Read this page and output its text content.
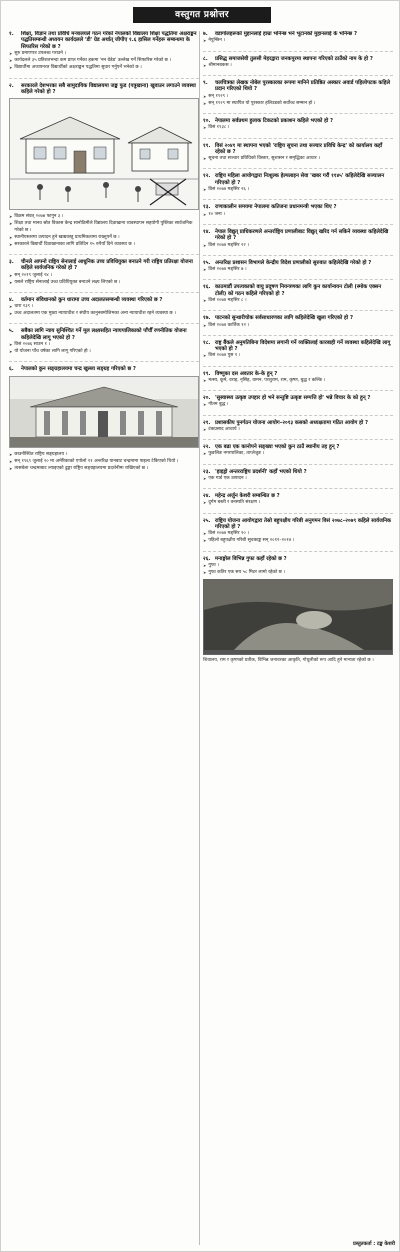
वस्तुगत प्रश्नोत्तर
१.	शिक्षा, विज्ञान तथा प्रविधि मन्त्रालयले गठन गरेको नेपालको विद्यालय शिक्षा पद्धतिमा अक्षराङ्कन पद्धतिसम्बन्धी अध्ययन कार्यदलले 'डी' ग्रेड अर्थात् जीपीए १.६ हासिल गर्नेहरू सम्बन्धमा के सिफारिस गरेको छ ?

➤ सुरु प्रमाणपत्र उपलब्ध गराउने ।

➤ कार्यदलले ३५ प्रतिशतभन्दा कम प्राप्त गर्नेका हकमा 'नन ग्रेडेड' उल्लेख गर्ने सिफारिस गरेको छ ।

➤ विद्यार्थीमा अध्ययनरत विद्यार्थीको अक्षराङ्कन पद्धतिमा सुधार गर्नुपर्ने भनेको छ ।

२.	सरकारले देशभरका सबै सामुदायिक विद्यालयमा जङ्क फुड (पत्रुखाना) खुवाउन लगाउने व्यवस्था कहिले गरेको हो ?

➤ विक्रम संवत् २०७७ फागुन ३ ।

➤ शिक्षा तथा मानव स्रोत विकास केन्द्र सानोठिमीले विद्यालय दिवाखाना व्यवस्थापन सहयोगी पुस्तिका सार्वजनिक गरेको छ ।

➤ स्थानीयस्तरमा उत्पादन हुने खाद्यवस्तु प्राथमिकतामा राख्नुपर्ने छ ।

➤ सरकारले विद्यार्थी दिवाखानाका लागि प्रतिदिन १५ रुपैयाँ दिने व्यवस्था छ ।

३.	चीनले आफ्नो राष्ट्रिय सेनालाई आधुनिक उच्च प्रविधियुक्त बनाउने गरी राष्ट्रिय प्रतिरक्षा योजना कहिले सार्वजनिक गरेको हो ?

➤ सन् २०१९ जुलाई २४ ।

➤ यसले राष्ट्रिय सेनालाई उच्च प्रविधियुक्त बनाउने लक्ष्य लिएको छ ।

४.	वर्तमान संविधानको कुन धारामा उच्च अदालतसम्बन्धी व्यवस्था गरिएको छ ?

➤ धारा १३९ ।

➤ उच्च अदालतमा एक मुख्य न्यायाधीश र संघीय कानुनबमोजिमका अन्य न्यायाधीश रहने व्यवस्था छ ।

५.	सबैका लागि न्याय सुनिश्चित गर्ने मूल लक्ष्यसहित न्यायपालिकाको पाँचौँ रणनीतिक योजना कहिलेदेखि लागू भएको हो ?

➤ विसं २०७६ साउन १ ।

➤ यो योजना पाँच वर्षका लागि लागू गरिएको हो ।

६.	नेपालको कुन सङ्ग्रहालयमा चन्द्र खुल्ला सङ्ग्रह गरिएको छ ?

➤ छाउनीस्थित राष्ट्रिय सङ्ग्रहालय ।

➤ सन् १९६९ जुलाई २० मा अमेरिकाको एपोलो ११ अन्तरिक्ष यानबाट चन्द्रमामा पाइला टेकिएको थियो ।

➤ त्यसबेला चन्द्रमाबाट ल्याइएको ढुङ्गा राष्ट्रिय सङ्ग्रहालयमा प्रदर्शनीमा राखिएको छ ।

७.	वडागोलहरूको मुहानलाई हाम्रा भनिन्छ भने भूटानको मुहानलाई के भनिन्छ ?

➤ नेपुन्छिन ।

८.	प्रसिद्ध समाजसेवी तुलसी मेहरद्वारा जनकपुरमा स्थापना गरिएको ठाउँको नाम के हो ?

➤ श्रीमानबकस ।

९.	चलचित्रका लेखक नोबेल पुरस्कारका रूपमा मानिने प्रतिष्ठित अस्कार अवार्ड पहिलोपटक कहिले प्रदान गरिएको थियो ?

➤ सन् १९२९ ।

➤ सन् १९२९ मा स्थापित यो पुरस्कार हलिउडको सर्वोच्च सम्मान हो ।

१०. नेपालमा सर्वप्रथम हुलाक टिकटको प्रकाशन कहिले भएको हो ?

➤ विसं १९३८ ।

११. विसं २०४१ मा स्थापना भएको 'राष्ट्रिय सूचना तथा सञ्चार प्रविधि केन्द्र' को कार्यालय कहाँ रहेको छ ?

➤ सूचना तथा सञ्चार प्रविधिको विस्तार, सुशासन र समृद्धिका आधार ।

१२. राष्ट्रिय महिला आयोगद्वारा निःशुल्क हेल्पलाइन सेवा 'खबर गरौं ११४५' कहिलेदेखि सञ्चालन गरिएको हो ?

➤ विसं २०७४ मङ्सिर २६ ।

१३. राणाकालीन समयमा नेपालमा कतिजना प्रधानमन्त्री भएका थिए ?

➤ १० जना ।

१४. नेपाल विद्युत् प्राधिकरणले अन्तर्राष्ट्रिय प्रणालीबाट विद्युत् खरिद गर्न सकिने व्यवस्था कहिलेदेखि गरेको हो ?

➤ विसं २०७४ मङ्सिर २२ ।

१५. अन्तरिक्ष प्रशासन विभागले केन्द्रीय विदेश प्रणालीको सुरुवात कहिलेदेखि गरेको हो ?

➤ विसं २०७४ मङ्सिर ७ ।

१६. काठमाडौं उपत्यकाको वायु प्रदूषण नियन्त्रणका लागि कुन कार्यान्वयन टोली (स्मोक एक्सन टोली) को गठन कहिले गरिएको हो ?

➤ विसं २०७४ मङ्सिर ८ ।

१७. पाटनको सुन्धारीचोक सर्वसाधारणका लागि कहिलेदेखि खुला गरिएको हो ?

➤ विसं २०७४ कार्तिक १२ ।

१८. राष्ट्र बैंकले अनुमतिबिना विदेशमा लगानी गर्ने व्यक्तिलाई कारबाही गर्ने व्यवस्था कहिलेदेखि लागू भएको हो ?

➤ विसं २०७४ पुस १ ।

१९. विष्णुका दस अवतार के-के हुन् ?

➤ मत्स्य, कूर्म, वराह, नृसिंह, वामन, परशुराम, राम, कृष्ण, बुद्ध र कल्कि ।

२०. 'सुस्वास्थ्य उत्कृष्ट उपहार हो भने सन्तुष्टि उत्कृष्ट सम्पत्ति हो' भन्ने विचार के को हुन् ?

➤ गौतम बुद्ध ।

२१. प्रशासकीय पुनर्गठन योजना आयोग–२०१३ कसको अध्यक्षतामा गठित आयोग हो ?

➤ टंकप्रसाद आचार्य ।

२२. एक बढा एक कानोपने सङ्ख्या भएको कुन ठाउँ स्थानीय तह हुन् ?

➤ फुङलिङ नगरपालिका, ताप्लेजुङ ।

२३. 'हाइड्रो अन्तरराष्ट्रिय प्रदर्शनी' कहाँ भएको थियो ?

➤ एक गार्ड एक उत्पादन ।

२४. महेन्द्र अर्जुन केशरी सम्बन्धित छ ?

➤ दुर्गम बस्ती र वनस्पति संरक्षण ।

२५. राष्ट्रिय योजना आयोगद्वारा तेस्रो बहुपक्षीय गरिबी अनुगमन विसं २०७८–२०७९ कहिले सार्वजनिक गरिएको हो ?

➤ विसं २०७४ मङ्सिर २० ।

➤ पहिलो बहुपक्षीय गरिबी सूचकाङ्क सन् २०११–२०१४ ।

२६. मनाङ्गोल विभिन्न गुफा कहाँ रहेको छ ?

➤ गुफा ।

➤ गुफा कतिर एक सय ५८ मिटर लामो रहेको छ ।

शिवालय, राम र कृष्णको प्रतीक, विभिन्न जनावरका आकृति, गोधूलीको रूप आदि हुने मान्यता रहेको छ ।
प्रस्तुतकर्ता : टङ्क केशरी
